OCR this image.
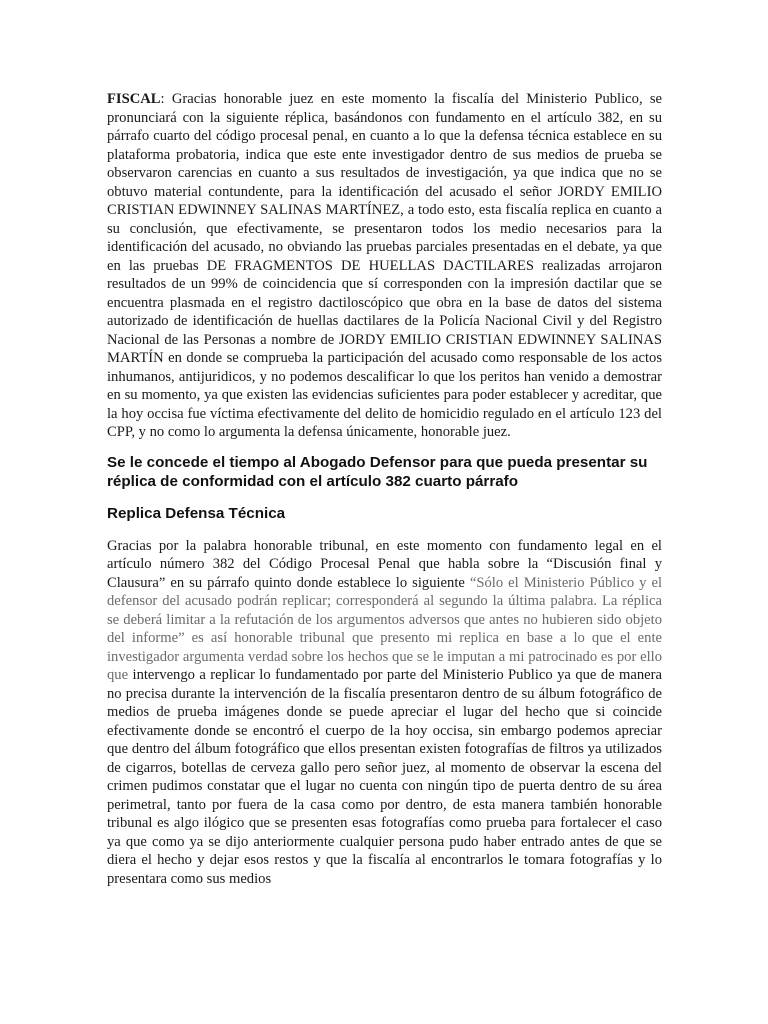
FISCAL: Gracias honorable juez en este momento la fiscalía del Ministerio Publico, se pronunciará con la siguiente réplica, basándonos con fundamento en el artículo 382, en su párrafo cuarto del código procesal penal, en cuanto a lo que la defensa técnica establece en su plataforma probatoria, indica que este ente investigador dentro de sus medios de prueba se observaron carencias en cuanto a sus resultados de investigación, ya que indica que no se obtuvo material contundente, para la identificación del acusado el señor JORDY EMILIO CRISTIAN EDWINNEY SALINAS MARTÍNEZ, a todo esto, esta fiscalía replica en cuanto a su conclusión, que efectivamente, se presentaron todos los medio necesarios para la identificación del acusado, no obviando las pruebas parciales presentadas en el debate, ya que en las pruebas DE FRAGMENTOS DE HUELLAS DACTILARES realizadas arrojaron resultados de un 99% de coincidencia que sí corresponden con la impresión dactilar que se encuentra plasmada en el registro dactiloscópico que obra en la base de datos del sistema autorizado de identificación de huellas dactilares de la Policía Nacional Civil y del Registro Nacional de las Personas a nombre de JORDY EMILIO CRISTIAN EDWINNEY SALINAS MARTÍN en donde se comprueba la participación del acusado como responsable de los actos inhumanos, antijuridicos, y no podemos descalificar lo que los peritos han venido a demostrar en su momento, ya que existen las evidencias suficientes para poder establecer y acreditar, que la hoy occisa fue víctima efectivamente del delito de homicidio regulado en el artículo 123 del CPP, y no como lo argumenta la defensa únicamente, honorable juez.

Se le concede el tiempo al Abogado Defensor para que pueda presentar su réplica de conformidad con el artículo 382 cuarto párrafo

Replica Defensa Técnica

Gracias por la palabra honorable tribunal, en este momento con fundamento legal en el artículo número 382 del Código Procesal Penal que habla sobre la “Discusión final y Clausura” en su párrafo quinto donde establece lo siguiente “Sólo el Ministerio Público y el defensor del acusado podrán replicar; corresponderá al segundo la última palabra. La réplica se deberá limitar a la refutación de los argumentos adversos que antes no hubieren sido objeto del informe” es así honorable tribunal que presento mi replica en base a lo que el ente investigador argumenta verdad sobre los hechos que se le imputan a mi patrocinado es por ello que intervengo a replicar lo fundamentado por parte del Ministerio Publico ya que de manera no precisa durante la intervención de la fiscalía presentaron dentro de su álbum fotográfico de medios de prueba imágenes donde se puede apreciar el lugar del hecho que si coincide efectivamente donde se encontró el cuerpo de la hoy occisa, sin embargo podemos apreciar que dentro del álbum fotográfico que ellos presentan existen fotografías de filtros ya utilizados de cigarros, botellas de cerveza gallo pero señor juez, al momento de observar la escena del crimen pudimos constatar que el lugar no cuenta con ningún tipo de puerta dentro de su área perimetral, tanto por fuera de la casa como por dentro, de esta manera también honorable tribunal es algo ilógico que se presenten esas fotografías como prueba para fortalecer el caso ya que como ya se dijo anteriormente cualquier persona pudo haber entrado antes de que se diera el hecho y dejar esos restos y que la fiscalía al encontrarlos le tomara fotografías y lo presentara como sus medios
